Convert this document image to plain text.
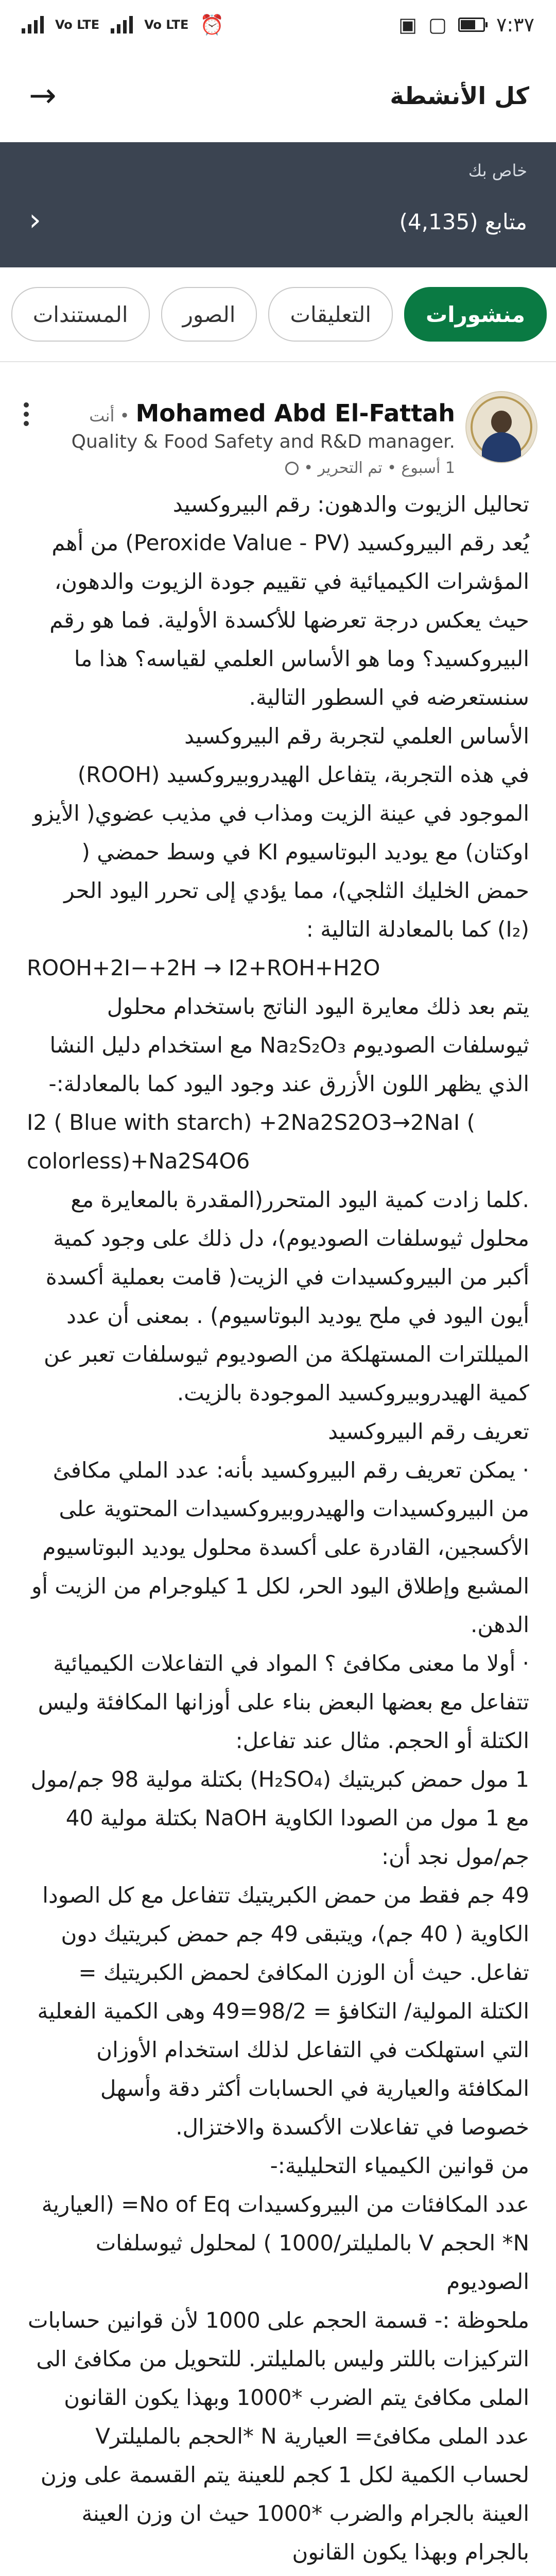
Vo LTE	Vo LTE ⏰	▣ ▢	٧:٣٧
كل الأنشطة
→
خاص بك
متابع (4,135)
‹
منشورات
التعليقات
الصور
المستندات
Mohamed Abd El-Fattah
• أنت
Quality & Food Safety and R&D manager.
1 أسبوع • تم التحرير •

تحاليل الزيوت والدهون: رقم البيروكسيد

يُعد رقم البيروكسيد (Peroxide Value - PV) من أهم المؤشرات الكيميائية في تقييم جودة الزيوت والدهون، حيث يعكس درجة تعرضها للأكسدة الأولية. فما هو رقم البيروكسيد؟ وما هو الأساس العلمي لقياسه؟ هذا ما سنستعرضه في السطور التالية.

الأساس العلمي لتجربة رقم البيروكسيد

في هذه التجربة، يتفاعل الهيدروبيروكسيد (ROOH) الموجود في عينة الزيت ومذاب في مذيب عضوي( الأيزو اوكتان) مع يوديد البوتاسيوم KI في وسط حمضي ( حمض الخليك الثلجي)، مما يؤدي إلى تحرر اليود الحر (I₂) كما بالمعادلة التالية :

ROOH+2I−+2H → I2+ROH+H2O

يتم بعد ذلك معايرة اليود الناتج باستخدام محلول ثيوسلفات الصوديوم Na₂S₂O₃ مع استخدام دليل النشا الذي يظهر اللون الأزرق عند وجود اليود كما بالمعادلة:-

I2 ( Blue with starch) +2Na2S2O3→2NaI ( colorless)+Na2S4O6

.كلما زادت كمية اليود المتحرر(المقدرة بالمعايرة مع محلول ثيوسلفات الصوديوم)، دل ذلك على وجود كمية أكبر من البيروكسيدات في الزيت( قامت بعملية أكسدة أيون اليود في ملح يوديد البوتاسيوم) . بمعنى أن عدد الميللترات المستهلكة من الصوديوم ثيوسلفات تعبر عن كمية الهيدروبيروكسيد الموجودة بالزيت.

تعريف رقم البيروكسيد

· يمكن تعريف رقم البيروكسيد بأنه: عدد الملي مكافئ من البيروكسيدات والهيدروبيروكسيدات المحتوية على الأكسجين، القادرة على أكسدة محلول يوديد البوتاسيوم المشبع وإطلاق اليود الحر، لكل 1 كيلوجرام من الزيت أو الدهن.

· أولا ما معنى مكافئ ؟ المواد في التفاعلات الكيميائية تتفاعل مع بعضها البعض بناء على أوزانها المكافئة وليس الكتلة أو الحجم. مثال عند تفاعل:

1 مول حمض كبريتيك (H₂SO₄) بكتلة مولية 98 جم/مول مع 1 مول من الصودا الكاوية NaOH بكتلة مولية 40 جم/مول نجد أن:

49 جم فقط من حمض الكبريتيك تتفاعل مع كل الصودا الكاوية ( 40 جم)، ويتبقى 49 جم حمض كبريتيك دون تفاعل. حيث أن الوزن المكافئ لحمض الكبريتيك = الكتلة المولية/ التكافؤ = 98/2=49 وهى الكمية الفعلية التي استهلكت في التفاعل لذلك استخدام الأوزان المكافئة والعيارية في الحسابات أكثر دقة وأسهل خصوصا في تفاعلات الأكسدة والاختزال.

من قوانين الكيمياء التحليلية:-

عدد المكافئات من البيروكسيدات No of Eq= (العيارية N* الحجم V بالمليلتر/1000 ) لمحلول ثيوسلفات الصوديوم

ملحوظة :- قسمة الحجم على 1000 لأن قوانين حسابات التركيزات باللتر وليس بالمليلتر. للتحويل من مكافئ الى الملى مكافئ يتم الضرب *1000 وبهذا يكون القانون

عدد الملى مكافئ= العيارية N *الحجم بالمليلترV

لحساب الكمية لكل 1 كجم للعينة يتم القسمة على وزن العينة بالجرام والضرب *1000 حيث ان وزن العينة بالجرام وبهذا يكون القانون
